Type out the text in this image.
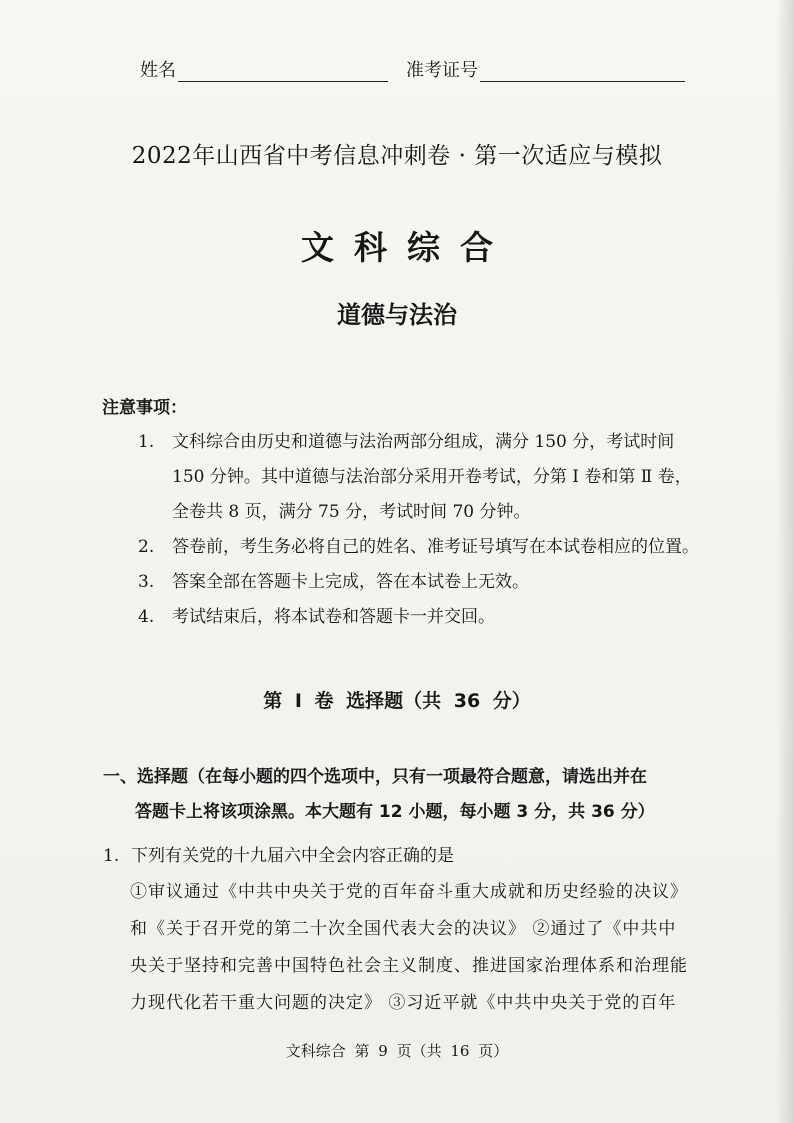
姓名	准考证号
2022年山西省中考信息冲刺卷 · 第一次适应与模拟
文科综合
道德与法治
注意事项：
1.	文科综合由历史和道德与法治两部分组成，满分 150 分，考试时间
150 分钟。其中道德与法治部分采用开卷考试，分第 Ⅰ 卷和第 Ⅱ 卷，
全卷共 8 页，满分 75 分，考试时间 70 分钟。
2.	答卷前，考生务必将自己的姓名、准考证号填写在本试卷相应的位置。
3.	答案全部在答题卡上完成，答在本试卷上无效。
4.	考试结束后，将本试卷和答题卡一并交回。
第 Ⅰ 卷 选择题（共 36 分）
一、选择题（在每小题的四个选项中，只有一项最符合题意，请选出并在
答题卡上将该项涂黑。本大题有 12 小题，每小题 3 分，共 36 分）
1. 下列有关党的十九届六中全会内容正确的是
①审议通过《中共中央关于党的百年奋斗重大成就和历史经验的决议》
和《关于召开党的第二十次全国代表大会的决议》 ②通过了《中共中
央关于坚持和完善中国特色社会主义制度、推进国家治理体系和治理能
力现代化若干重大问题的决定》 ③习近平就《中共中央关于党的百年
文科综合 第 9 页（共 16 页）
